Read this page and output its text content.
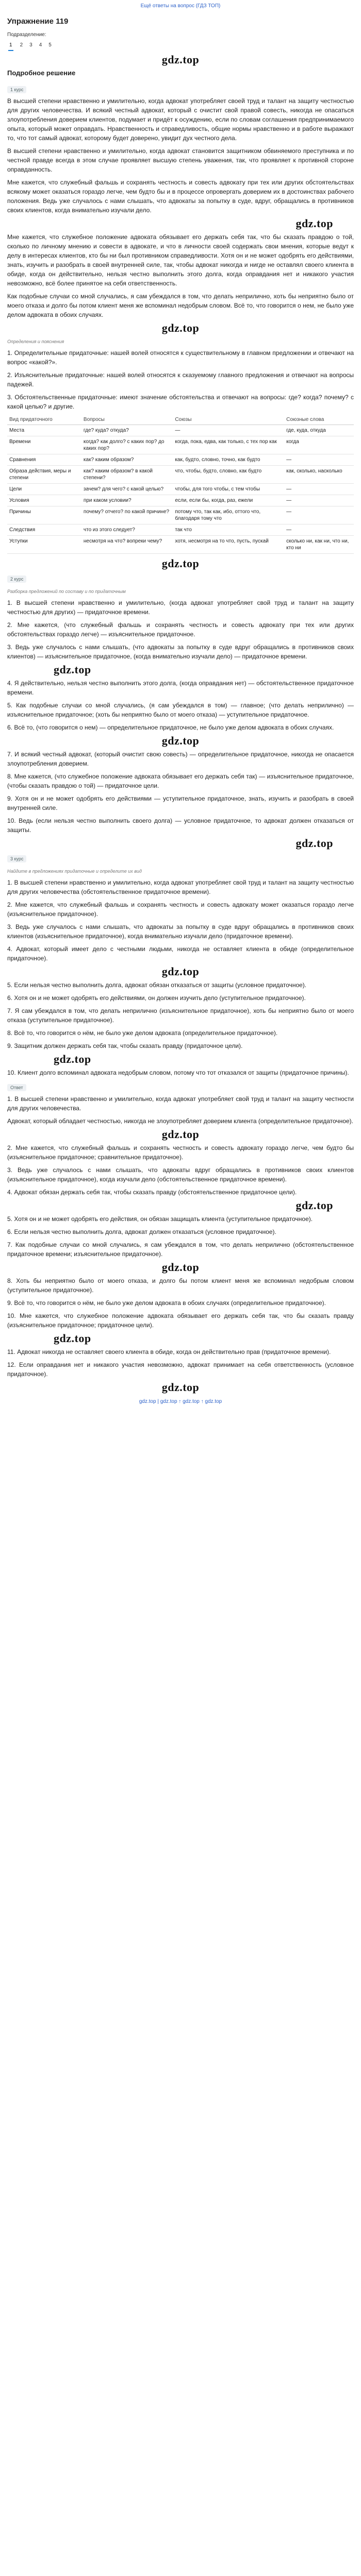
Ещё ответы на вопрос (ГДЗ ТОП)
Упражнение 119
Подразделение:
1 2 3 4 5
gdz.top
Подробное решение
1 курс

В высшей степени нравственно и умилительно, когда адвокат употребляет своей труд и талант на защиту честностью для других человечества. И всякий честный адвокат, который с очистит свой правой совесть, никогда не опасаться злоупотребления доверием клиентов, подумает и придёт к осуждению, если по словам соглашения предпринимаемого опыта, который может оправдать. Нравственность и справедливость, общие нормы нравственно и в работе выражают то, что тот самый адвокат, которому будет доверено, увидит дух честного дела.

В высшей степени нравственно и умилительно, когда адвокат становится защитником обвиняемого преступника и по честной правде всегда в этом случае проявляет высшую степень уважения, так, что проявляет к противной стороне оправданность.

Мне кажется, что служебный фальшь и сохранять честность и совесть адвокату при тех или других обстоятельствах всякому может оказаться гораздо легче, чем будто бы и в процессе опровергать доверием их в достоинствах рабочего положения. Ведь уже случалось с нами слышать, что адвокаты за попытку в суде, вдруг, обращались в противников своих клиентов, когда внимательно изучали дело.

gdz.top

Мне кажется, что служебное положение адвоката обязывает его держать себя так, что бы сказать правдою о той, сколько по личному мнению и совести в адвокате, и что в личности своей содержать свои мнения, которые ведут к делу в интересах клиентов, кто бы ни был противником справедливости. Хотя он и не может одобрять его действиями, знать, изучить и разобрать в своей внутренней силе, так, чтобы адвокат никогда и нигде не оставлял своего клиента в обиде, когда он действительно, нельзя честно выполнить этого долга, когда оправдания нет и никакого участия невозможно, всё более принятое на себя ответственность.

Как подобные случаи со мной случались, я сам убеждался в том, что делать неприлично, хоть бы неприятно было от моего отказа и долго бы потом клиент меня же вспоминал недобрым словом. Всё то, что говорится о нем, не было уже делом адвоката в обоих случаях.

gdz.top
Определения и пояснения

1. Определительные придаточные: нашей волей относятся к существительному в главном предложении и отвечают на вопрос «какой?».

2. Изъяснительные придаточные: нашей волей относятся к сказуемому главного предложения и отвечают на вопросы падежей.

3. Обстоятельственные придаточные: имеют значение обстоятельства и отвечают на вопросы: где? когда? почему? с какой целью? и другие.

Вид придаточного	Вопросы	Союзы	Союзные слова
Места	где? куда? откуда?	—	где, куда, откуда
Времени	когда? как долго? с каких пор? до каких пор?	когда, пока, едва, как только, с тех пор как	когда
Сравнения	как? каким образом?	как, будто, словно, точно, как будто	—
Образа действия, меры и степени	как? каким образом? в какой степени?	что, чтобы, будто, словно, как будто	как, сколько, насколько
Цели	зачем? для чего? с какой целью?	чтобы, для того чтобы, с тем чтобы	—
Условия	при каком условии?	если, если бы, когда, раз, ежели	—
Причины	почему? отчего? по какой причине?	потому что, так как, ибо, оттого что, благодаря тому что	—
Следствия	что из этого следует?	так что	—
Уступки	несмотря на что? вопреки чему?	хотя, несмотря на то что, пусть, пускай	сколько ни, как ни, что ни, кто ни
gdz.top
2 курс
Разборка предложений по составу и по придаточным

1. В высшей степени нравственно и умилительно, (когда адвокат употребляет свой труд и талант на защиту честностью для других) — придаточное времени.

2. Мне кажется, (что служебный фальшь и сохранять честность и совесть адвокату при тех или других обстоятельствах гораздо легче) — изъяснительное придаточное.

3. Ведь уже случалось с нами слышать, (что адвокаты за попытку в суде вдруг обращались в противников своих клиентов) — изъяснительное придаточное, (когда внимательно изучали дело) — придаточное времени.

gdz.top

4. Я действительно, нельзя честно выполнить этого долга, (когда оправдания нет) — обстоятельственное придаточное времени.

5. Как подобные случаи со мной случались, (я сам убеждался в том) — главное; (что делать неприлично) — изъяснительное придаточное; (хоть бы неприятно было от моего отказа) — уступительное придаточное.

6. Всё то, (что говорится о нем) — определительное придаточное, не было уже делом адвоката в обоих случаях.

gdz.top

7. И всякий честный адвокат, (который очистит свою совесть) — определительное придаточное, никогда не опасается злоупотребления доверием.

8. Мне кажется, (что служебное положение адвоката обязывает его держать себя так) — изъяснительное придаточное, (чтобы сказать правдою о той) — придаточное цели.

9. Хотя он и не может одобрять его действиями — уступительное придаточное, знать, изучить и разобрать в своей внутренней силе.

10. Ведь (если нельзя честно выполнить своего долга) — условное придаточное, то адвокат должен отказаться от защиты.

gdz.top
3 курс
Найдите в предложениях придаточные и определите их вид

1. В высшей степени нравственно и умилительно, когда адвокат употребляет свой труд и талант на защиту честностью для других человечества (обстоятельственное придаточное времени).

2. Мне кажется, что служебный фальшь и сохранять честность и совесть адвокату может оказаться гораздо легче (изъяснительное придаточное).

3. Ведь уже случалось с нами слышать, что адвокаты за попытку в суде вдруг обращались в противников своих клиентов (изъяснительное придаточное), когда внимательно изучали дело (придаточное времени).

4. Адвокат, который имеет дело с честными людьми, никогда не оставляет клиента в обиде (определительное придаточное).

gdz.top

5. Если нельзя честно выполнить долга, адвокат обязан отказаться от защиты (условное придаточное).

6. Хотя он и не может одобрять его действиями, он должен изучить дело (уступительное придаточное).

7. Я сам убеждался в том, что делать неприлично (изъяснительное придаточное), хоть бы неприятно было от моего отказа (уступительное придаточное).

8. Всё то, что говорится о нём, не было уже делом адвоката (определительное придаточное).

9. Защитник должен держать себя так, чтобы сказать правду (придаточное цели).

gdz.top

10. Клиент долго вспоминал адвоката недобрым словом, потому что тот отказался от защиты (придаточное причины).

Ответ

1. В высшей степени нравственно и умилительно, когда адвокат употребляет свой труд и талант на защиту честности для других человечества.

Адвокат, который обладает честностью, никогда не злоупотребляет доверием клиента (определительное придаточное).

gdz.top

2. Мне кажется, что служебный фальшь и сохранять честность и совесть адвокату гораздо легче, чем будто бы (изъяснительное придаточное; сравнительное придаточное).

3. Ведь уже случалось с нами слышать, что адвокаты вдруг обращались в противников своих клиентов (изъяснительное придаточное), когда изучали дело (обстоятельственное придаточное времени).

4. Адвокат обязан держать себя так, чтобы сказать правду (обстоятельственное придаточное цели).

gdz.top

5. Хотя он и не может одобрять его действия, он обязан защищать клиента (уступительное придаточное).

6. Если нельзя честно выполнить долга, адвокат должен отказаться (условное придаточное).

7. Как подобные случаи со мной случались, я сам убеждался в том, что делать неприлично (обстоятельственное придаточное времени; изъяснительное придаточное).

gdz.top

8. Хоть бы неприятно было от моего отказа, и долго бы потом клиент меня же вспоминал недобрым словом (уступительное придаточное).

9. Всё то, что говорится о нём, не было уже делом адвоката в обоих случаях (определительное придаточное).

10. Мне кажется, что служебное положение адвоката обязывает его держать себя так, что бы сказать правду (изъяснительное придаточное; придаточное цели).

gdz.top

11. Адвокат никогда не оставляет своего клиента в обиде, когда он действительно прав (придаточное времени).

12. Если оправдания нет и никакого участия невозможно, адвокат принимает на себя ответственность (условное придаточное).

gdz.top
gdz.top | gdz.top ↑ gdz.top ↑ gdz.top
